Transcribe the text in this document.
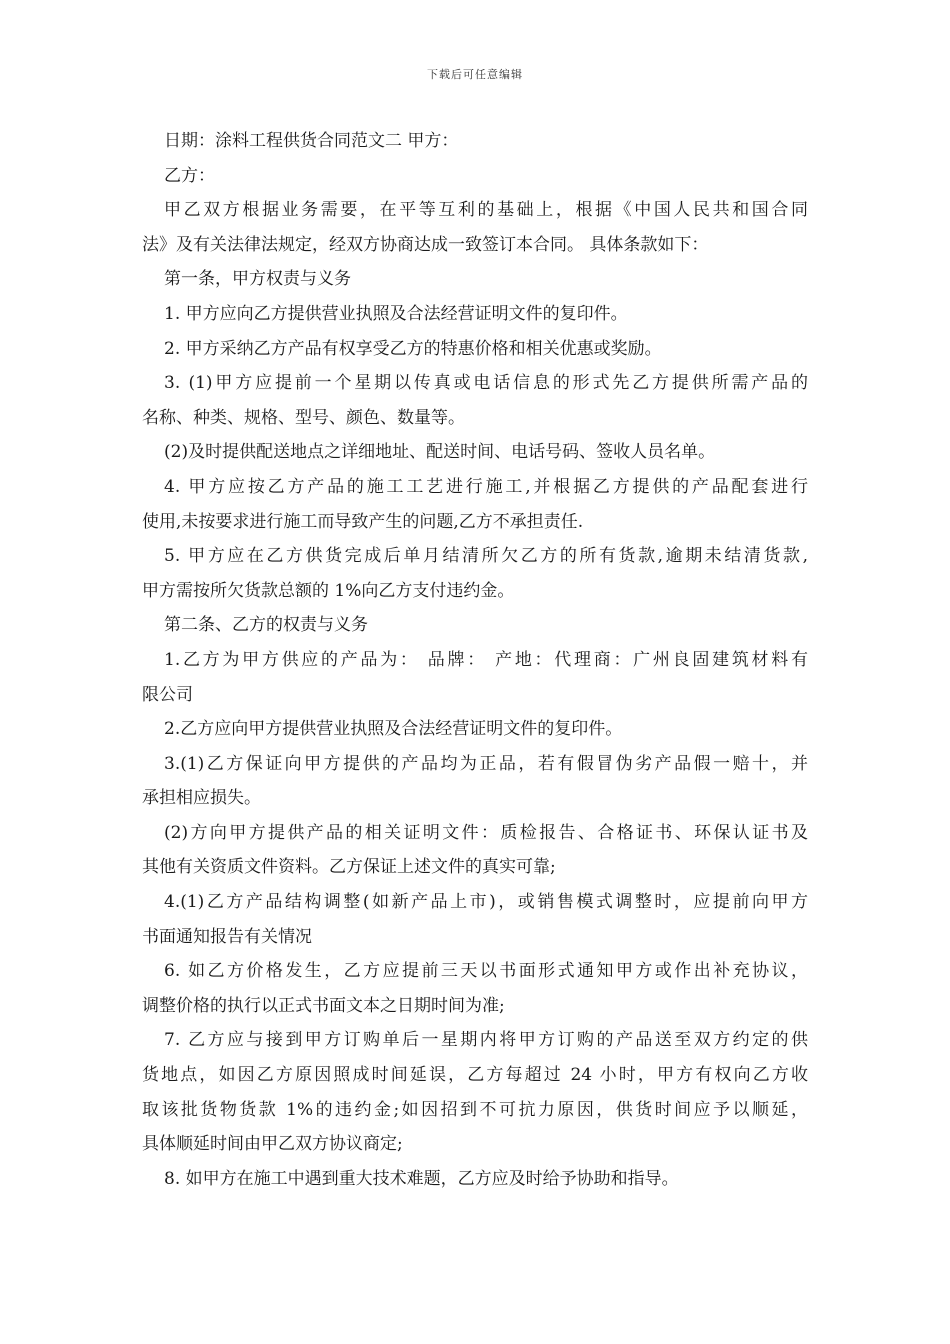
下载后可任意编辑
日期：涂料工程供货合同范文二 甲方：
乙方：
甲乙双方根据业务需要，在平等互利的基础上，根据《中国人民共和国合同
法》及有关法律法规定，经双方协商达成一致签订本合同。 具体条款如下：
第一条，甲方权责与义务
1. 甲方应向乙方提供营业执照及合法经营证明文件的复印件。
2. 甲方采纳乙方产品有权享受乙方的特惠价格和相关优惠或奖励。
3. (1)甲方应提前一个星期以传真或电话信息的形式先乙方提供所需产品的
名称、种类、规格、型号、颜色、数量等。
(2)及时提供配送地点之详细地址、配送时间、电话号码、签收人员名单。
4. 甲方应按乙方产品的施工工艺进行施工,并根据乙方提供的产品配套进行
使用,未按要求进行施工而导致产生的问题,乙方不承担责任.
5. 甲方应在乙方供货完成后单月结清所欠乙方的所有货款,逾期未结清货款,
甲方需按所欠货款总额的 1%向乙方支付违约金。
第二条、乙方的权责与义务
1.乙方为甲方供应的产品为： 品牌： 产地：代理商：广州良固建筑材料有
限公司
2.乙方应向甲方提供营业执照及合法经营证明文件的复印件。
3.(1)乙方保证向甲方提供的产品均为正品，若有假冒伪劣产品假一赔十，并
承担相应损失。
(2)方向甲方提供产品的相关证明文件：质检报告、合格证书、环保认证书及
其他有关资质文件资料。乙方保证上述文件的真实可靠;
4.(1)乙方产品结构调整(如新产品上市)，或销售模式调整时，应提前向甲方
书面通知报告有关情况
6. 如乙方价格发生，乙方应提前三天以书面形式通知甲方或作出补充协议，
调整价格的执行以正式书面文本之日期时间为准;
7. 乙方应与接到甲方订购单后一星期内将甲方订购的产品送至双方约定的供
货地点，如因乙方原因照成时间延误，乙方每超过 24 小时，甲方有权向乙方收
取该批货物货款 1%的违约金;如因招到不可抗力原因，供货时间应予以顺延，
具体顺延时间由甲乙双方协议商定;
8. 如甲方在施工中遇到重大技术难题，乙方应及时给予协助和指导。
